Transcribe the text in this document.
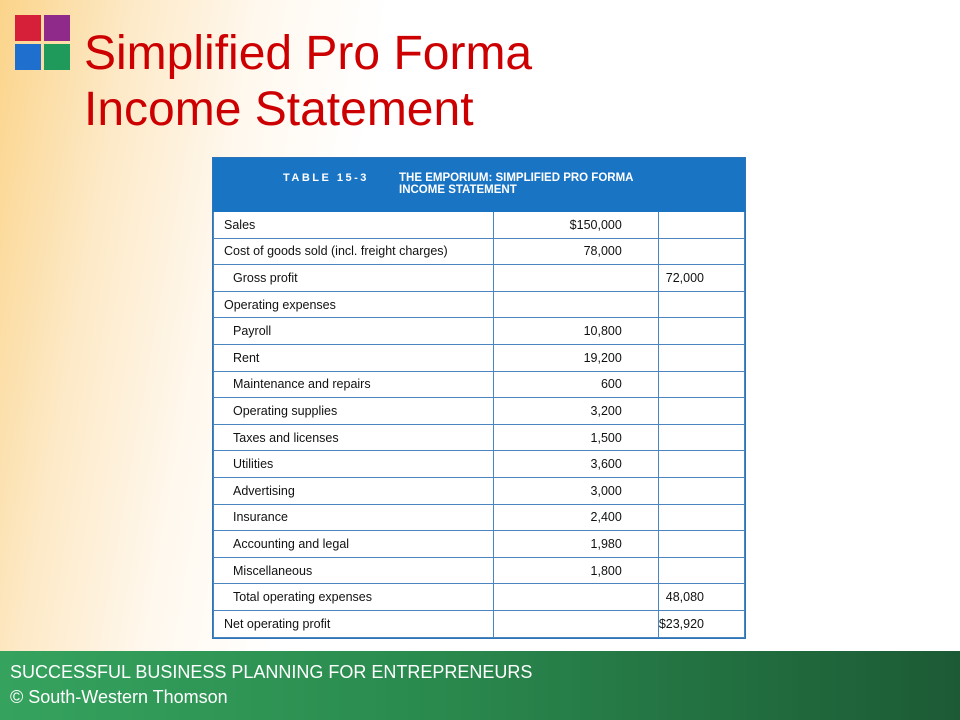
Simplified Pro Forma
Income Statement
TABLE 15-3	THE EMPORIUM: SIMPLIFIED PRO FORMA
INCOME STATEMENT
Sales	$150,000	
Cost of goods sold (incl. freight charges)	78,000	
Gross profit		72,000
Operating expenses		
Payroll	10,800	
Rent	19,200	
Maintenance and repairs	600	
Operating supplies	3,200	
Taxes and licenses	1,500	
Utilities	3,600	
Advertising	3,000	
Insurance	2,400	
Accounting and legal	1,980	
Miscellaneous	1,800	
Total operating expenses		48,080
Net operating profit		$23,920
SUCCESSFUL BUSINESS PLANNING FOR ENTREPRENEURS
© South-Western Thomson
